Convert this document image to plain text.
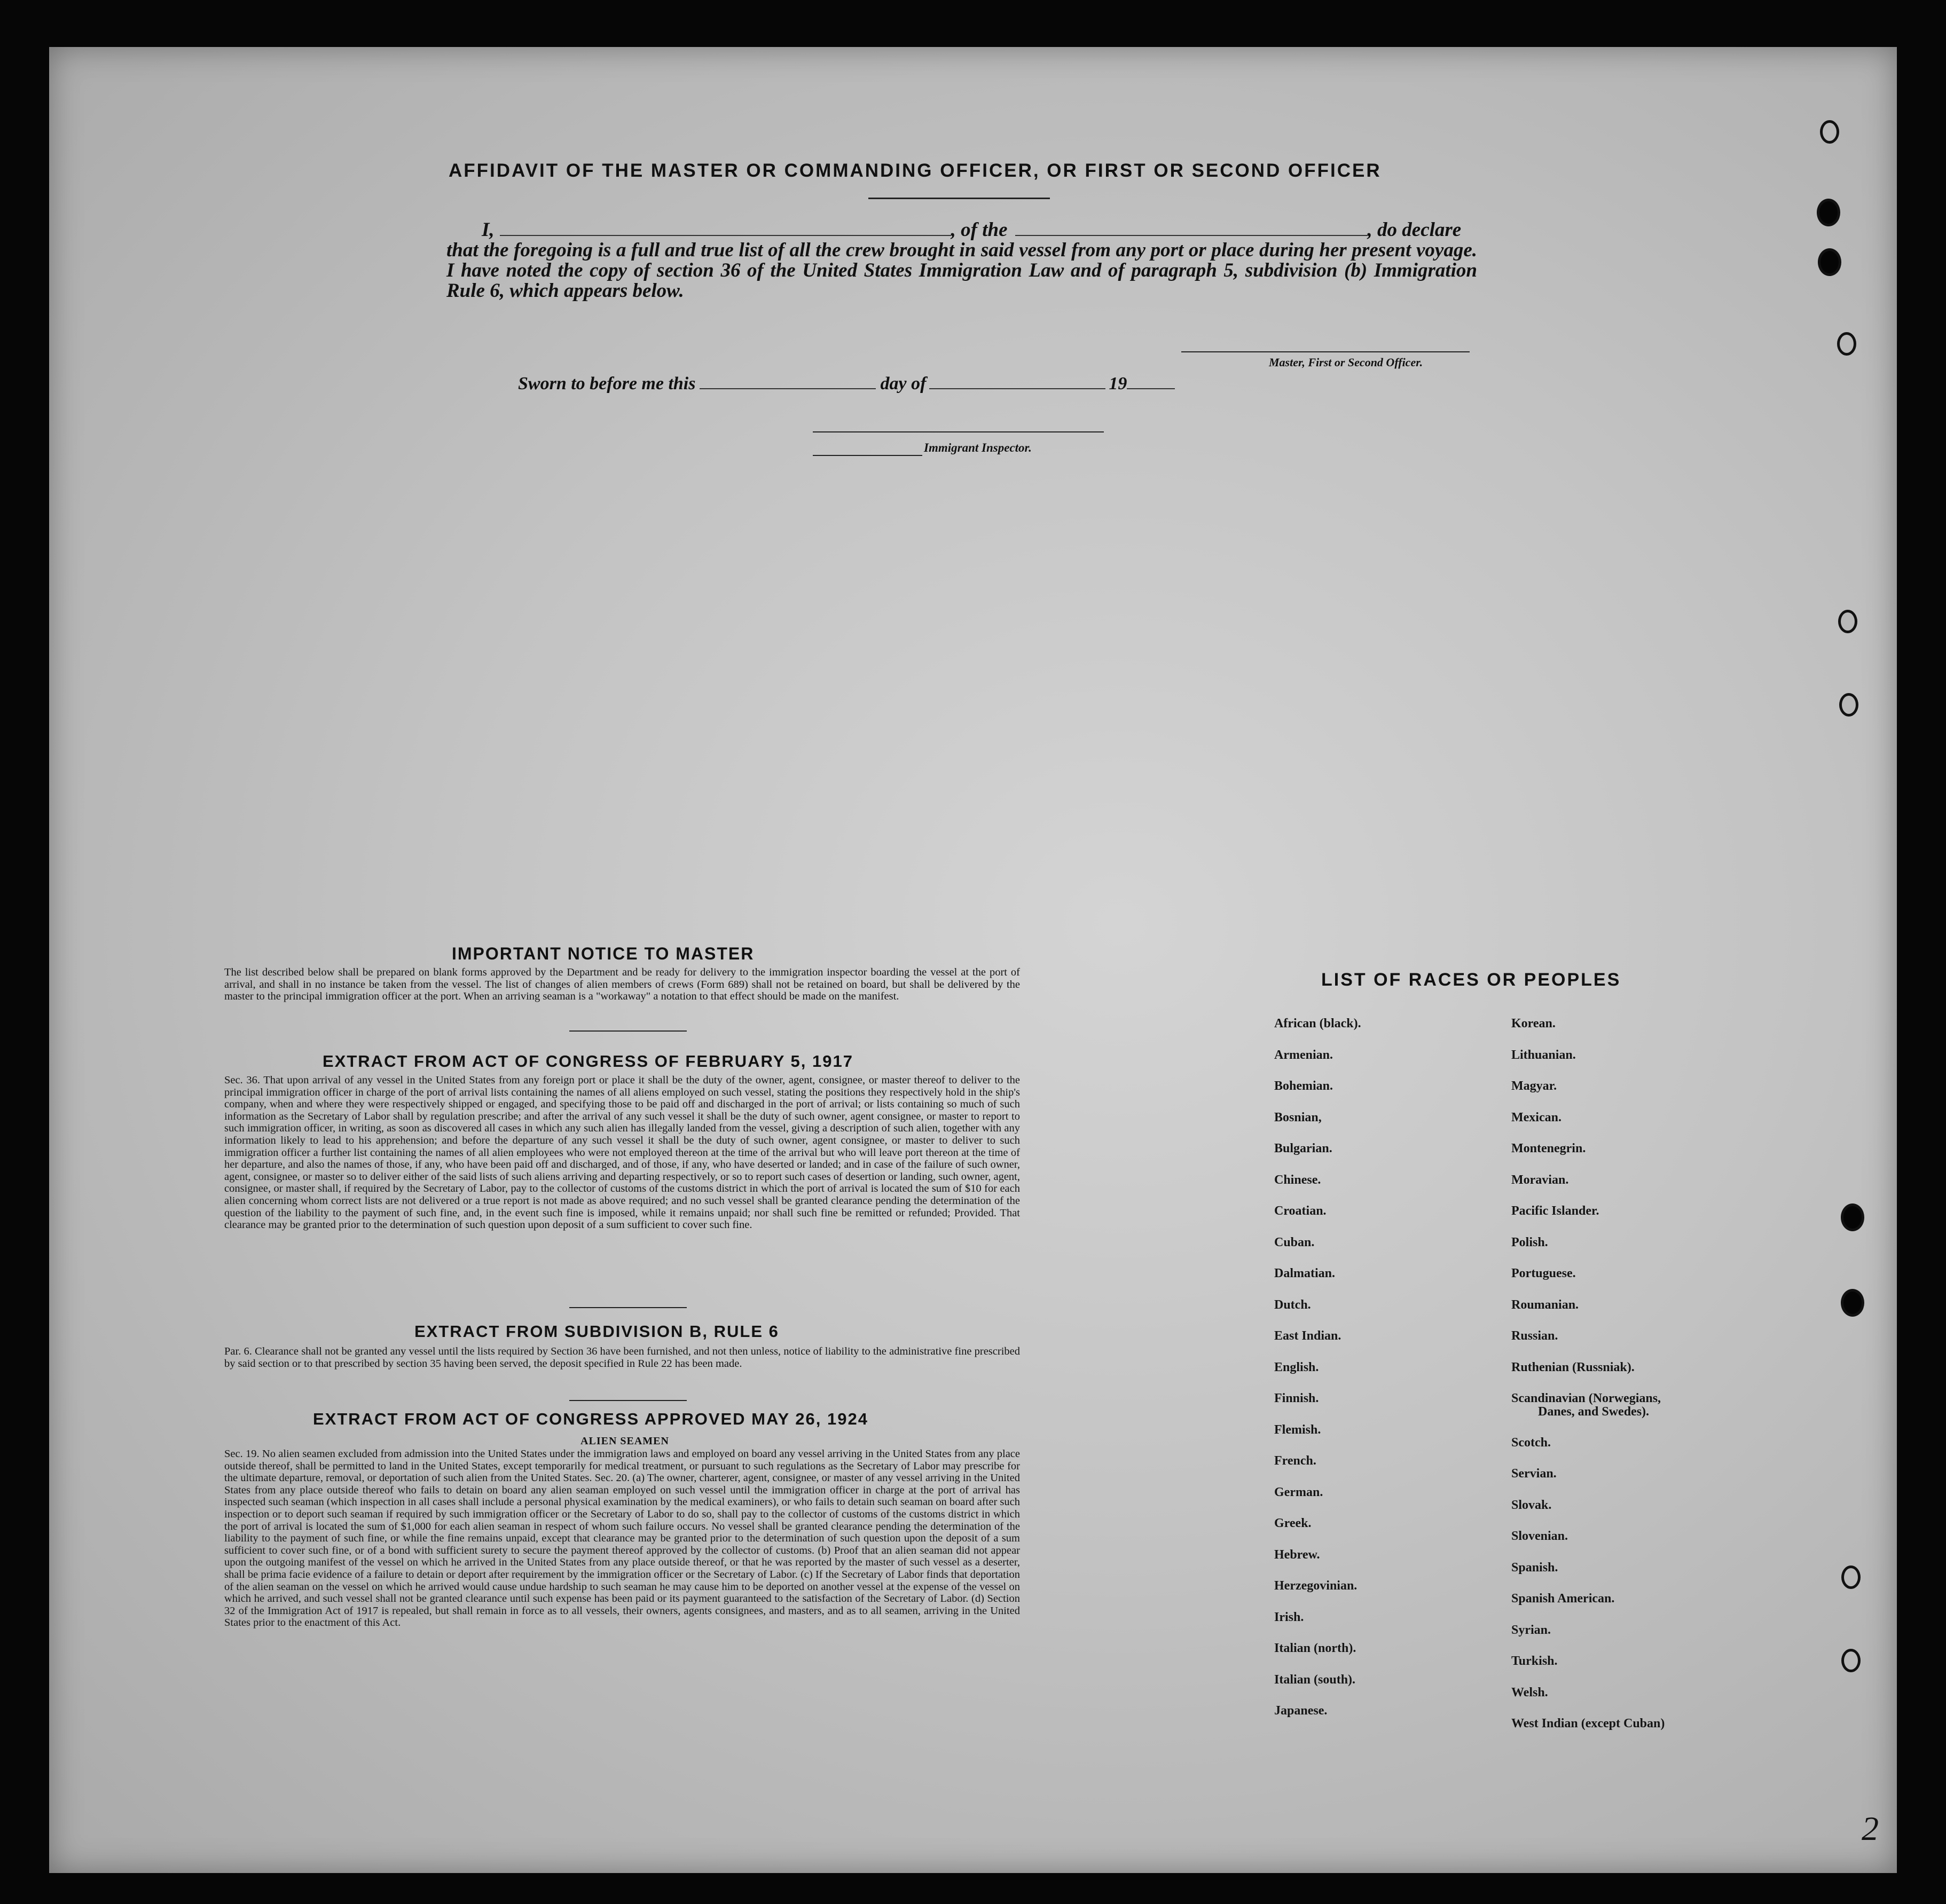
AFFIDAVIT OF THE MASTER OR COMMANDING OFFICER, OR FIRST OR SECOND OFFICER
I,	, of the	, do declare
that the foregoing is a full and true list of all the crew brought in said vessel from any port or place during her present voyage. I have noted the copy of section 36 of the United States Immigration Law and of paragraph 5, subdivision (b) Immigration Rule 6, which appears below.
Master, First or Second Officer.
Sworn to before me this	day of	19
Immigrant Inspector.
IMPORTANT NOTICE TO MASTER
The list described below shall be prepared on blank forms approved by the Department and be ready for delivery to the immigration inspector boarding the vessel at the port of arrival, and shall in no instance be taken from the vessel. The list of changes of alien members of crews (Form 689) shall not be retained on board, but shall be delivered by the master to the principal immigration officer at the port. When an arriving seaman is a "workaway" a notation to that effect should be made on the manifest.
EXTRACT FROM ACT OF CONGRESS OF FEBRUARY 5, 1917
Sec. 36. That upon arrival of any vessel in the United States from any foreign port or place it shall be the duty of the owner, agent, consignee, or master thereof to deliver to the principal immigration officer in charge of the port of arrival lists containing the names of all aliens employed on such vessel, stating the positions they respectively hold in the ship's company, when and where they were respectively shipped or engaged, and specifying those to be paid off and discharged in the port of arrival; or lists containing so much of such information as the Secretary of Labor shall by regulation prescribe; and after the arrival of any such vessel it shall be the duty of such owner, agent consignee, or master to report to such immigration officer, in writing, as soon as discovered all cases in which any such alien has illegally landed from the vessel, giving a description of such alien, together with any information likely to lead to his apprehension; and before the departure of any such vessel it shall be the duty of such owner, agent consignee, or master to deliver to such immigration officer a further list containing the names of all alien employees who were not employed thereon at the time of the arrival but who will leave port thereon at the time of her departure, and also the names of those, if any, who have been paid off and discharged, and of those, if any, who have deserted or landed; and in case of the failure of such owner, agent, consignee, or master so to deliver either of the said lists of such aliens arriving and departing respectively, or so to report such cases of desertion or landing, such owner, agent, consignee, or master shall, if required by the Secretary of Labor, pay to the collector of customs of the customs district in which the port of arrival is located the sum of $10 for each alien concerning whom correct lists are not delivered or a true report is not made as above required; and no such vessel shall be granted clearance pending the determination of the question of the liability to the payment of such fine, and, in the event such fine is imposed, while it remains unpaid; nor shall such fine be remitted or refunded; Provided. That clearance may be granted prior to the determination of such question upon deposit of a sum sufficient to cover such fine.
EXTRACT FROM SUBDIVISION B, RULE 6
Par. 6. Clearance shall not be granted any vessel until the lists required by Section 36 have been furnished, and not then unless, notice of liability to the administrative fine prescribed by said section or to that prescribed by section 35 having been served, the deposit specified in Rule 22 has been made.
EXTRACT FROM ACT OF CONGRESS APPROVED MAY 26, 1924
ALIEN SEAMEN
Sec. 19. No alien seamen excluded from admission into the United States under the immigration laws and employed on board any vessel arriving in the United States from any place outside thereof, shall be permitted to land in the United States, except temporarily for medical treatment, or pursuant to such regulations as the Secretary of Labor may prescribe for the ultimate departure, removal, or deportation of such alien from the United States. Sec. 20. (a) The owner, charterer, agent, consignee, or master of any vessel arriving in the United States from any place outside thereof who fails to detain on board any alien seaman employed on such vessel until the immigration officer in charge at the port of arrival has inspected such seaman (which inspection in all cases shall include a personal physical examination by the medical examiners), or who fails to detain such seaman on board after such inspection or to deport such seaman if required by such immigration officer or the Secretary of Labor to do so, shall pay to the collector of customs of the customs district in which the port of arrival is located the sum of $1,000 for each alien seaman in respect of whom such failure occurs. No vessel shall be granted clearance pending the determination of the liability to the payment of such fine, or while the fine remains unpaid, except that clearance may be granted prior to the determination of such question upon the deposit of a sum sufficient to cover such fine, or of a bond with sufficient surety to secure the payment thereof approved by the collector of customs. (b) Proof that an alien seaman did not appear upon the outgoing manifest of the vessel on which he arrived in the United States from any place outside thereof, or that he was reported by the master of such vessel as a deserter, shall be prima facie evidence of a failure to detain or deport after requirement by the immigration officer or the Secretary of Labor. (c) If the Secretary of Labor finds that deportation of the alien seaman on the vessel on which he arrived would cause undue hardship to such seaman he may cause him to be deported on another vessel at the expense of the vessel on which he arrived, and such vessel shall not be granted clearance until such expense has been paid or its payment guaranteed to the satisfaction of the Secretary of Labor. (d) Section 32 of the Immigration Act of 1917 is repealed, but shall remain in force as to all vessels, their owners, agents consignees, and masters, and as to all seamen, arriving in the United States prior to the enactment of this Act.
LIST OF RACES OR PEOPLES
African (black).
Armenian.
Bohemian.
Bosnian,
Bulgarian.
Chinese.
Croatian.
Cuban.
Dalmatian.
Dutch.
East Indian.
English.
Finnish.
Flemish.
French.
German.
Greek.
Hebrew.
Herzegovinian.
Irish.
Italian (north).
Italian (south).
Japanese.
Korean.
Lithuanian.
Magyar.
Mexican.
Montenegrin.
Moravian.
Pacific Islander.
Polish.
Portuguese.
Roumanian.
Russian.
Ruthenian (Russniak).
Scandinavian (Norwegians,
Danes, and Swedes).
Scotch.
Servian.
Slovak.
Slovenian.
Spanish.
Spanish American.
Syrian.
Turkish.
Welsh.
West Indian (except Cuban)
2
